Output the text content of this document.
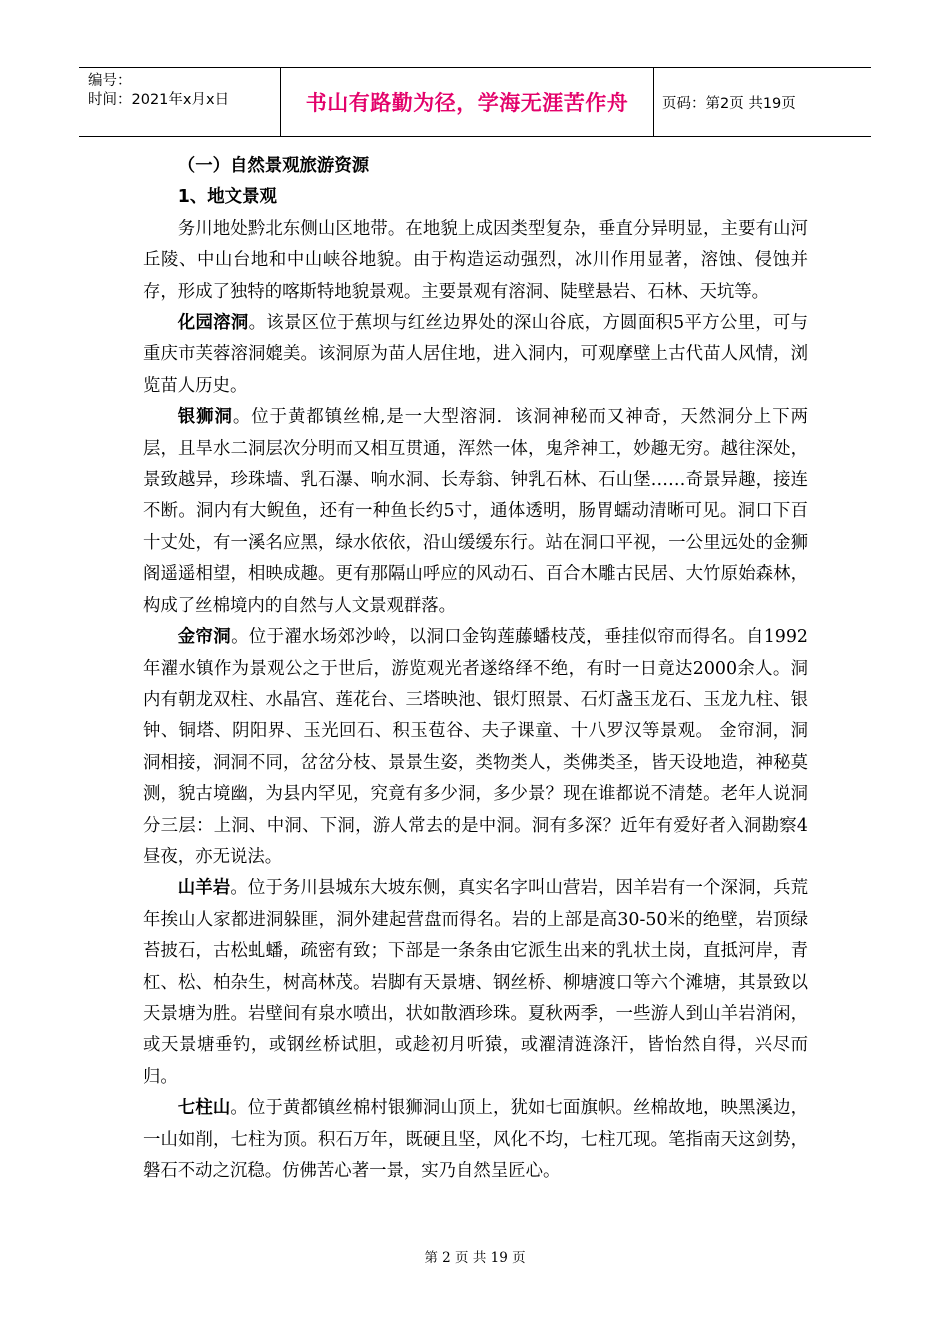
编号：
时间：2021年x月x日	书山有路勤为径，学海无涯苦作舟	页码：第2页 共19页

（一）自然景观旅游资源

1、地文景观

务川地处黔北东侧山区地带。在地貌上成因类型复杂，垂直分异明显，主要有山河丘陵、中山台地和中山峡谷地貌。由于构造运动强烈，冰川作用显著，溶蚀、侵蚀并存，形成了独特的喀斯特地貌景观。主要景观有溶洞、陡壁悬岩、石林、天坑等。

化园溶洞。该景区位于蕉坝与红丝边界处的深山谷底，方圆面积5平方公里，可与重庆市芙蓉溶洞媲美。该洞原为苗人居住地，进入洞内，可观摩壁上古代苗人风情，浏览苗人历史。

银狮洞。位于黄都镇丝棉,是一大型溶洞．该洞神秘而又神奇，天然洞分上下两层，且旱水二洞层次分明而又相互贯通，浑然一体，鬼斧神工，妙趣无穷。越往深处，景致越异，珍珠墙、乳石瀑、响水洞、长寿翁、钟乳石林、石山堡……奇景异趣，接连不断。洞内有大鲵鱼，还有一种鱼长约5寸，通体透明，肠胃蠕动清晰可见。洞口下百十丈处，有一溪名应黑，绿水依依，沿山缓缓东行。站在洞口平视，一公里远处的金狮阁遥遥相望，相映成趣。更有那隔山呼应的风动石、百合木雕古民居、大竹原始森林，构成了丝棉境内的自然与人文景观群落。

金帘洞。位于濯水场郊沙岭，以洞口金钩莲藤蟠枝茂，垂挂似帘而得名。自1992年濯水镇作为景观公之于世后，游览观光者遂络绎不绝，有时一日竟达2000余人。洞内有朝龙双柱、水晶宫、莲花台、三塔映池、银灯照景、石灯盏玉龙石、玉龙九柱、银钟、铜塔、阴阳界、玉光回石、积玉苞谷、夫子课童、十八罗汉等景观。 金帘洞，洞洞相接，洞洞不同，岔岔分枝、景景生姿，类物类人，类佛类圣，皆天设地造，神秘莫测，貌古境幽，为县内罕见，究竟有多少洞，多少景？现在谁都说不清楚。老年人说洞分三层：上洞、中洞、下洞，游人常去的是中洞。洞有多深？近年有爱好者入洞勘察4昼夜，亦无说法。

山羊岩。位于务川县城东大坡东侧，真实名字叫山营岩，因羊岩有一个深洞，兵荒年挨山人家都进洞躲匪，洞外建起营盘而得名。岩的上部是高30-50米的绝壁，岩顶绿苔披石，古松虬蟠，疏密有致；下部是一条条由它派生出来的乳状土岗，直抵河岸，青杠、松、柏杂生，树高林茂。岩脚有天景塘、钢丝桥、柳塘渡口等六个滩塘，其景致以天景塘为胜。岩壁间有泉水喷出，状如散酒珍珠。夏秋两季，一些游人到山羊岩消闲，或天景塘垂钓，或钢丝桥试胆，或趁初月听猿，或濯清涟涤汗，皆怡然自得，兴尽而归。

七柱山。位于黄都镇丝棉村银狮洞山顶上，犹如七面旗帜。丝棉故地，映黑溪边，一山如削，七柱为顶。积石万年，既硬且坚，风化不均，七柱兀现。笔指南天这剑势，磐石不动之沉稳。仿佛苦心著一景，实乃自然呈匠心。

第 2 页 共 19 页
